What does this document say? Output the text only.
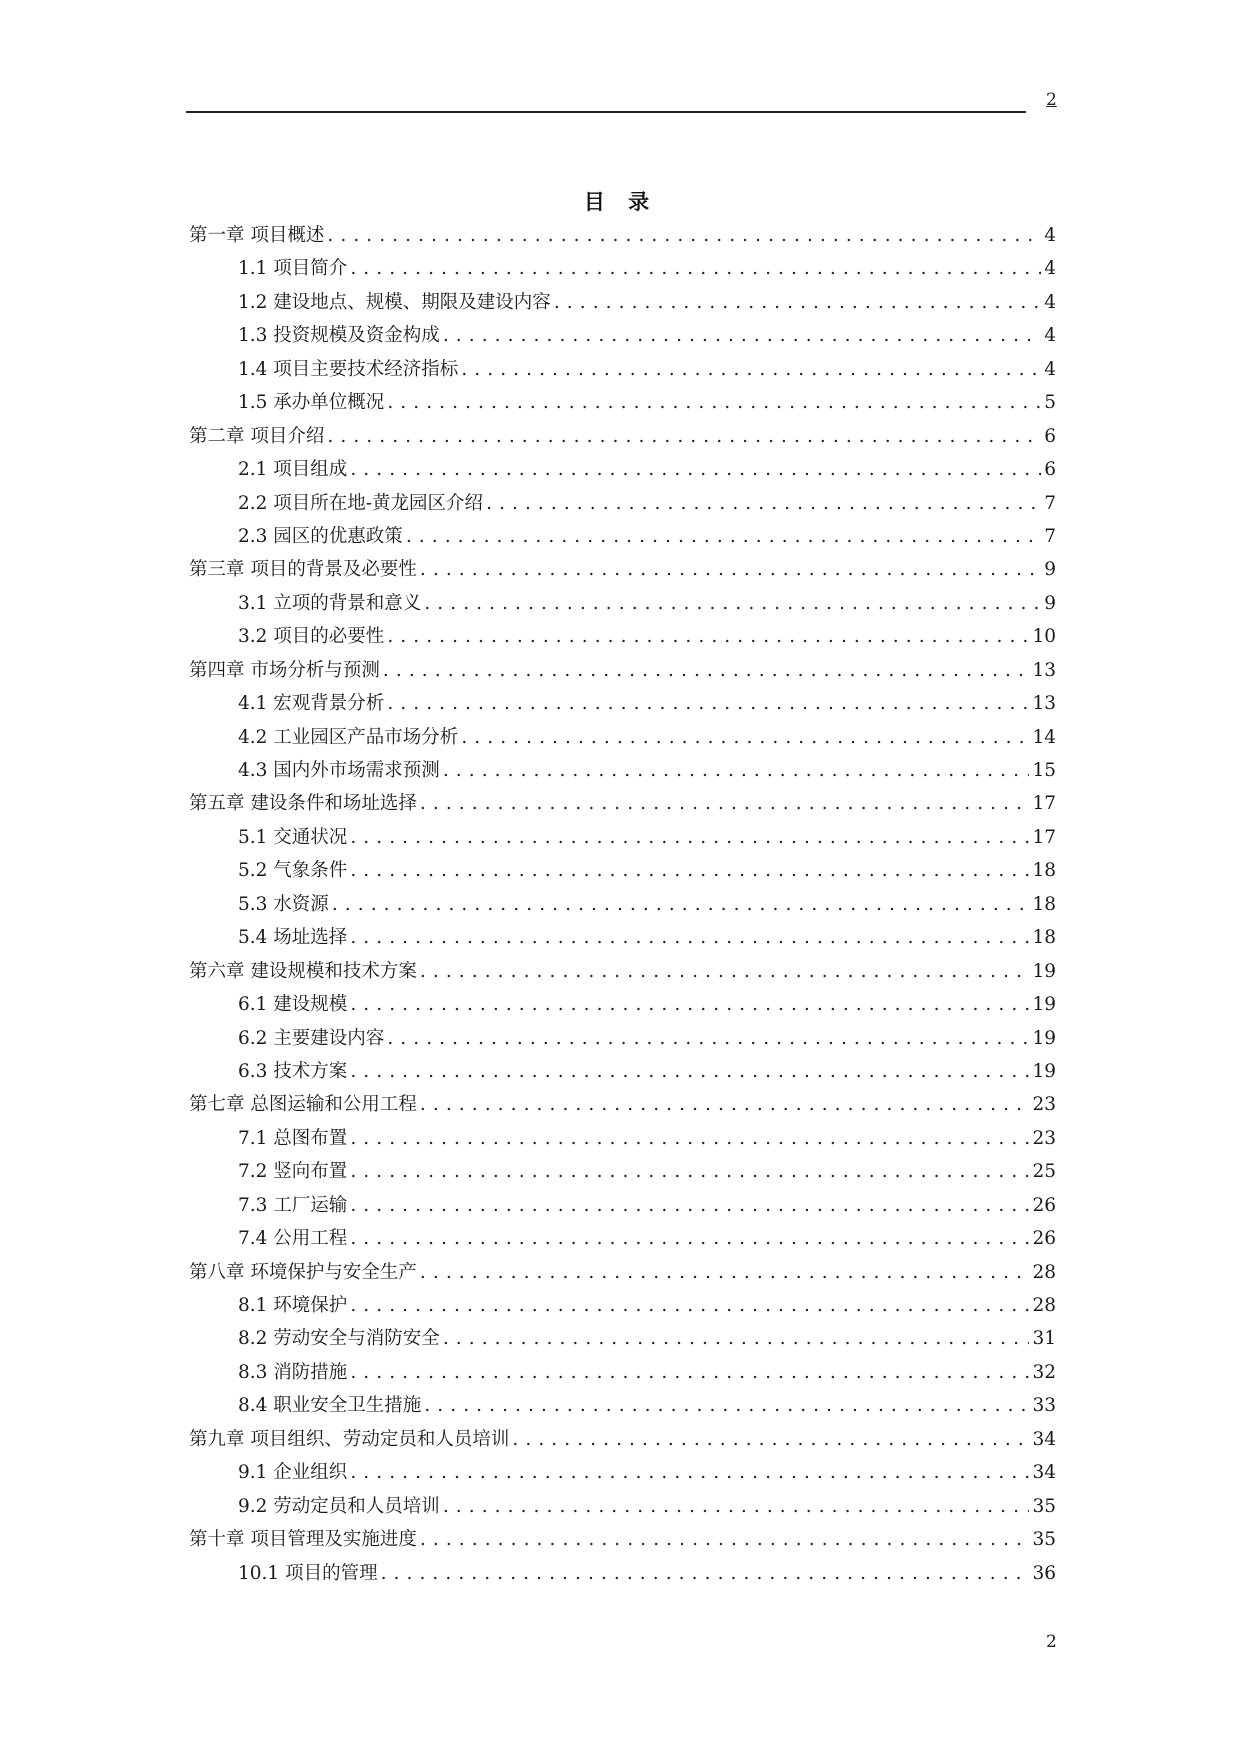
2
目 录
第一章 项目概述 . . .	4
1.1 项目简介 . . .	4
1.2 建设地点、规模、期限及建设内容 . . .	4
1.3 投资规模及资金构成 . . .	4
1.4 项目主要技术经济指标 . . .	4
1.5 承办单位概况 . . .	5
第二章 项目介绍 . . .	6
2.1 项目组成 . . .	6
2.2 项目所在地-黄龙园区介绍 . . .	7
2.3 园区的优惠政策 . . .	7
第三章 项目的背景及必要性 . . .	9
3.1 立项的背景和意义 . . .	9
3.2 项目的必要性 . . .	10
第四章 市场分析与预测 . . .	13
4.1 宏观背景分析 . . .	13
4.2 工业园区产品市场分析 . . .	14
4.3 国内外市场需求预测 . . .	15
第五章 建设条件和场址选择 . . .	17
5.1 交通状况 . . .	17
5.2 气象条件 . . .	18
5.3 水资源 . . .	18
5.4 场址选择 . . .	18
第六章 建设规模和技术方案 . . .	19
6.1 建设规模 . . .	19
6.2 主要建设内容 . . .	19
6.3 技术方案 . . .	19
第七章 总图运输和公用工程 . . .	23
7.1 总图布置 . . .	23
7.2 竖向布置 . . .	25
7.3 工厂运输 . . .	26
7.4 公用工程 . . .	26
第八章 环境保护与安全生产 . . .	28
8.1 环境保护 . . .	28
8.2 劳动安全与消防安全 . . .	31
8.3 消防措施 . . .	32
8.4 职业安全卫生措施 . . .	33
第九章 项目组织、劳动定员和人员培训 . . .	34
9.1 企业组织 . . .	34
9.2 劳动定员和人员培训 . . .	35
第十章 项目管理及实施进度 . . .	35
10.1 项目的管理 . . .	36
2
